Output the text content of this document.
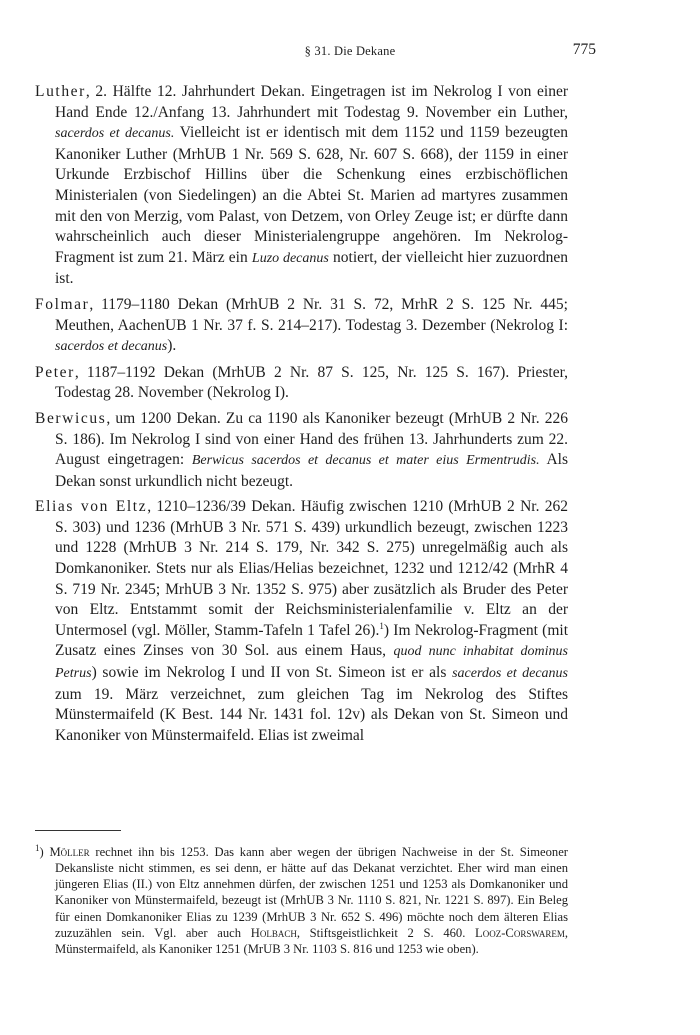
§ 31. Die Dekane	775

Luther, 2. Hälfte 12. Jahrhundert Dekan. Eingetragen ist im Nekrolog I von einer Hand Ende 12./Anfang 13. Jahrhundert mit Todestag 9. November ein Luther, sacerdos et decanus. Vielleicht ist er identisch mit dem 1152 und 1159 bezeugten Kanoniker Luther (MrhUB 1 Nr. 569 S. 628, Nr. 607 S. 668), der 1159 in einer Urkunde Erzbischof Hillins über die Schenkung eines erzbischöflichen Ministerialen (von Siedelingen) an die Abtei St. Marien ad martyres zusammen mit den von Merzig, vom Palast, von Detzem, von Orley Zeuge ist; er dürfte dann wahrscheinlich auch dieser Ministerialengruppe angehören. Im Nekrolog-Fragment ist zum 21. März ein Luzo decanus notiert, der vielleicht hier zuzuordnen ist.

Folmar, 1179–1180 Dekan (MrhUB 2 Nr. 31 S. 72, MrhR 2 S. 125 Nr. 445; Meuthen, AachenUB 1 Nr. 37 f. S. 214–217). Todestag 3. Dezember (Nekrolog I: sacerdos et decanus).

Peter, 1187–1192 Dekan (MrhUB 2 Nr. 87 S. 125, Nr. 125 S. 167). Priester, Todestag 28. November (Nekrolog I).

Berwicus, um 1200 Dekan. Zu ca 1190 als Kanoniker bezeugt (MrhUB 2 Nr. 226 S. 186). Im Nekrolog I sind von einer Hand des frühen 13. Jahrhunderts zum 22. August eingetragen: Berwicus sacerdos et decanus et mater eius Ermentrudis. Als Dekan sonst urkundlich nicht bezeugt.

Elias von Eltz, 1210–1236/39 Dekan. Häufig zwischen 1210 (MrhUB 2 Nr. 262 S. 303) und 1236 (MrhUB 3 Nr. 571 S. 439) urkundlich bezeugt, zwischen 1223 und 1228 (MrhUB 3 Nr. 214 S. 179, Nr. 342 S. 275) unregelmäßig auch als Domkanoniker. Stets nur als Elias/Helias bezeichnet, 1232 und 1212/42 (MrhR 4 S. 719 Nr. 2345; MrhUB 3 Nr. 1352 S. 975) aber zusätzlich als Bruder des Peter von Eltz. Entstammt somit der Reichsministerialenfamilie v. Eltz an der Untermosel (vgl. Möller, Stamm-Tafeln 1 Tafel 26).$^1$) Im Nekrolog-Fragment (mit Zusatz eines Zinses von 30 Sol. aus einem Haus, quod nunc inhabitat dominus Petrus) sowie im Nekrolog I und II von St. Simeon ist er als sacerdos et decanus zum 19. März verzeichnet, zum gleichen Tag im Nekrolog des Stiftes Münstermaifeld (K Best. 144 Nr. 1431 fol. 12v) als Dekan von St. Simeon und Kanoniker von Münstermaifeld. Elias ist zweimal

$^1$) Möller rechnet ihn bis 1253. Das kann aber wegen der übrigen Nachweise in der St. Simeoner Dekansliste nicht stimmen, es sei denn, er hätte auf das Dekanat verzichtet. Eher wird man einen jüngeren Elias (II.) von Eltz annehmen dürfen, der zwischen 1251 und 1253 als Domkanoniker und Kanoniker von Münstermaifeld, bezeugt ist (MrhUB 3 Nr. 1110 S. 821, Nr. 1221 S. 897). Ein Beleg für einen Domkanoniker Elias zu 1239 (MrhUB 3 Nr. 652 S. 496) möchte noch dem älteren Elias zuzuzählen sein. Vgl. aber auch Holbach, Stiftsgeistlichkeit 2 S. 460. Looz-Corswarem, Münstermaifeld, als Kanoniker 1251 (MrUB 3 Nr. 1103 S. 816 und 1253 wie oben).
